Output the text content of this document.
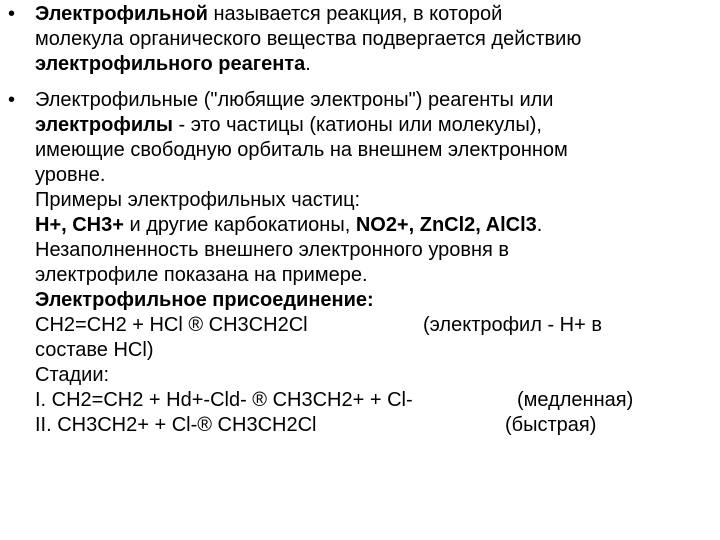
• Электрофильной называется реакция, в которой
молекула органического вещества подвергается действию
электрофильного реагента.
• Электрофильные ("любящие электроны") реагенты или
электрофилы - это частицы (катионы или молекулы),
имеющие свободную орбиталь на внешнем электронном
уровне.
Примеры электрофильных частиц:
H+, CH3+ и другие карбокатионы, NO2+, ZnCl2, AlCl3.
Незаполненность внешнего электронного уровня в
электрофиле показана на примере.
Электрофильное присоединение:
CH2=CH2 + HCl ® CH3CH2Cl	(электрофил - H+ в
составе HCl)
Стадии:
I. CH2=CH2 + Hd+-Cld- ® CH3CH2+ + Cl-	(медленная)
II. CH3CH2+ + Cl-® CH3CH2Cl	(быстрая)
